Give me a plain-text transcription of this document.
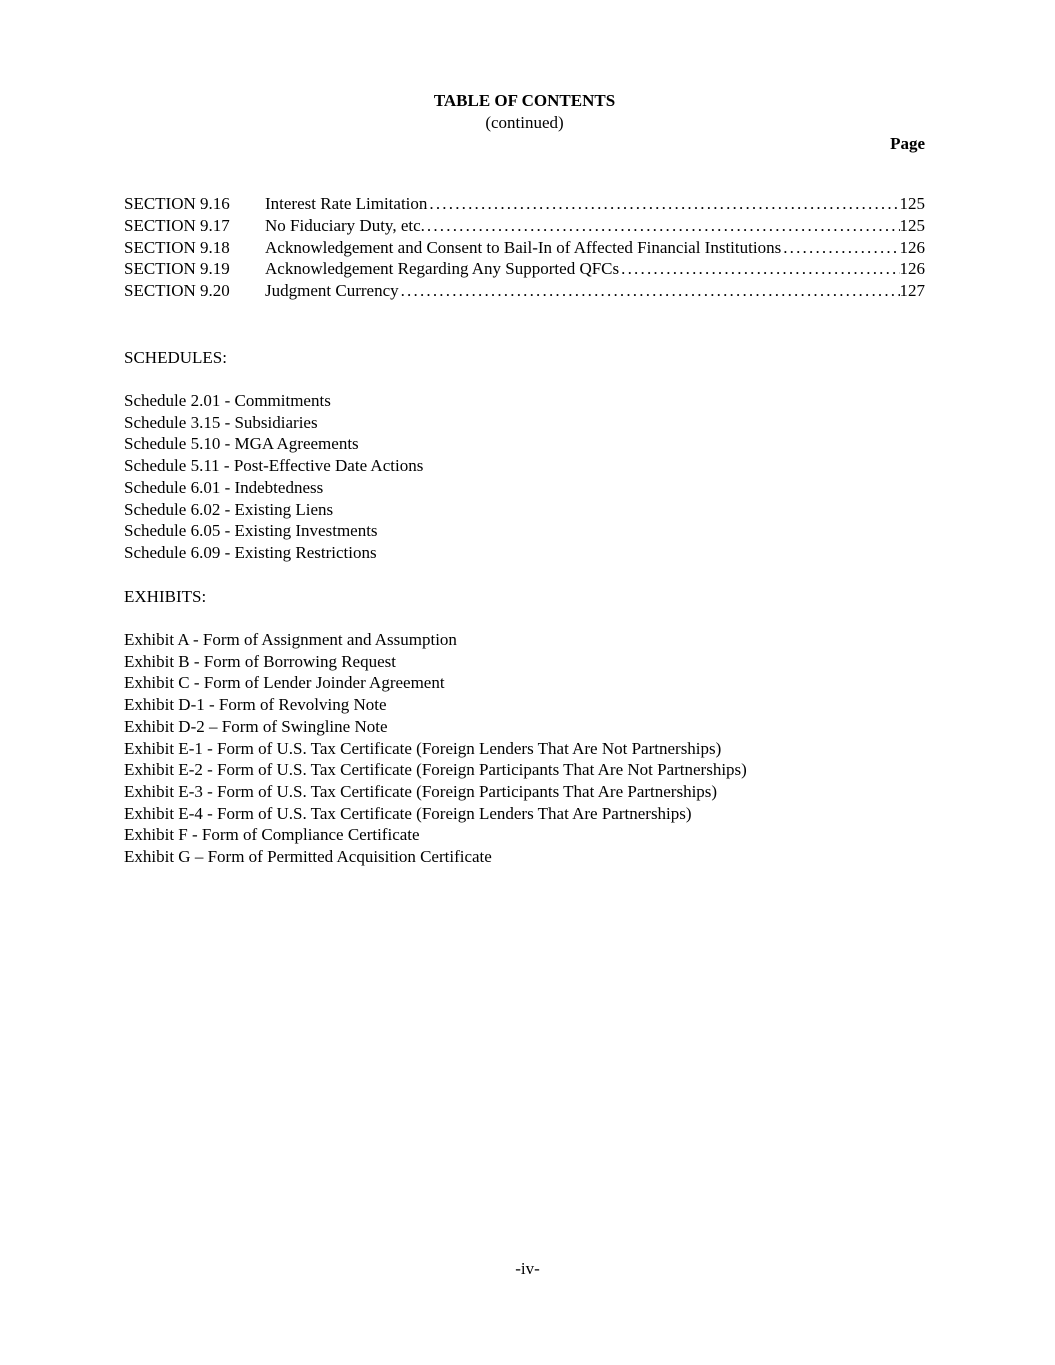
TABLE OF CONTENTS
(continued)
Page
SECTION 9.16	Interest Rate Limitation .....	125
SECTION 9.17	No Fiduciary Duty, etc. .....	125
SECTION 9.18	Acknowledgement and Consent to Bail-In of Affected Financial Institutions .....	126
SECTION 9.19	Acknowledgement Regarding Any Supported QFCs .....	126
SECTION 9.20	Judgment Currency .....	127
SCHEDULES:
Schedule 2.01 - Commitments
Schedule 3.15 - Subsidiaries
Schedule 5.10 - MGA Agreements
Schedule 5.11 - Post-Effective Date Actions
Schedule 6.01 - Indebtedness
Schedule 6.02 - Existing Liens
Schedule 6.05 - Existing Investments
Schedule 6.09 - Existing Restrictions
EXHIBITS:
Exhibit A - Form of Assignment and Assumption
Exhibit B - Form of Borrowing Request
Exhibit C - Form of Lender Joinder Agreement
Exhibit D-1 - Form of Revolving Note
Exhibit D-2 – Form of Swingline Note
Exhibit E-1 - Form of U.S. Tax Certificate (Foreign Lenders That Are Not Partnerships)
Exhibit E-2 - Form of U.S. Tax Certificate (Foreign Participants That Are Not Partnerships)
Exhibit E-3 - Form of U.S. Tax Certificate (Foreign Participants That Are Partnerships)
Exhibit E-4 - Form of U.S. Tax Certificate (Foreign Lenders That Are Partnerships)
Exhibit F - Form of Compliance Certificate
Exhibit G – Form of Permitted Acquisition Certificate
-iv-
